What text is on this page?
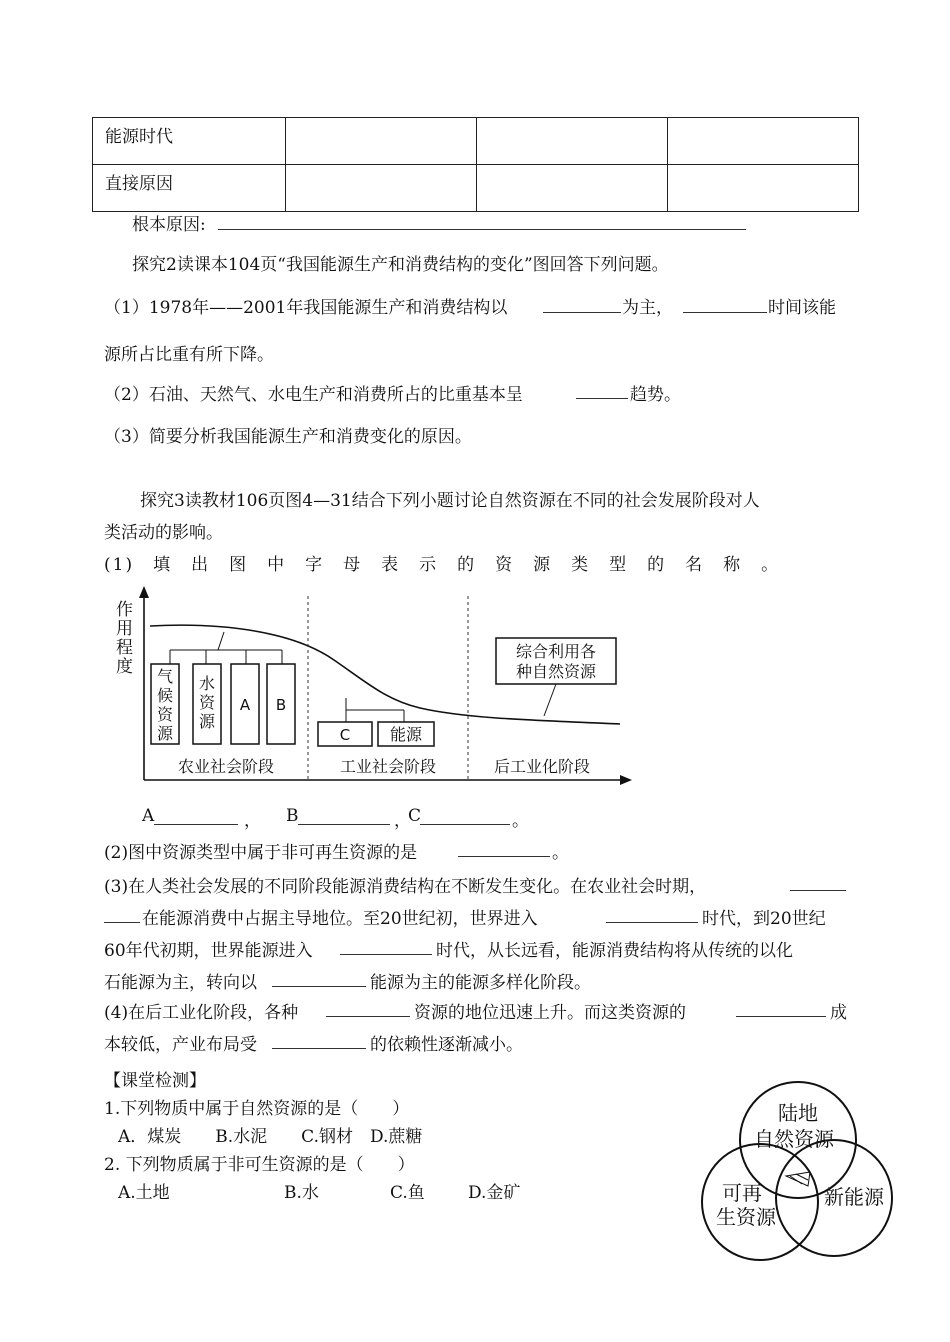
能源时代			
直接原因			
根本原因:
探究2读课本104页“我国能源生产和消费结构的变化”图回答下列问题。
（1）1978年——2001年我国能源生产和消费结构以	为主，	时间该能
源所占比重有所下降。
（2）石油、天然气、水电生产和消费所占的比重基本呈	趋势。
（3）简要分析我国能源生产和消费变化的原因。
探究3读教材106页图4—31结合下列小题讨论自然资源在不同的社会发展阶段对人
类活动的影响。
(1)　填　出　图　中　字　母　表　示　的　资　源　类　型　的　名　称　。
作
用
程
度 气
候
资
源
水
资
源
A B
C 能源
综合利用各
种自然资源
农业社会阶段	工业社会阶段	后工业化阶段
A	， B	，
C	。
(2)图中资源类型中属于非可再生资源的是	。
(3)在人类社会发展的不同阶段能源消费结构在不断发生变化。在农业社会时期，
在能源消费中占据主导地位。至20世纪初，世界进入	时代，到20世纪
60年代初期，世界能源进入	时代，从长远看，能源消费结构将从传统的以化
石能源为主，转向以	能源为主的能源多样化阶段。
(4)在后工业化阶段，各种	资源的地位迅速上升。而这类资源的	成
本较低，产业布局受	的依赖性逐渐减小。
【课堂检测】
1.下列物质中属于自然资源的是（　　）
A．煤炭　　B.水泥　　C.钢材　D.蔗糖
2. 下列物质属于非可生资源的是（　　）
A.土地	B.水	C.鱼	D.金矿
陆地
自然资源
可再
生资源
新能源
